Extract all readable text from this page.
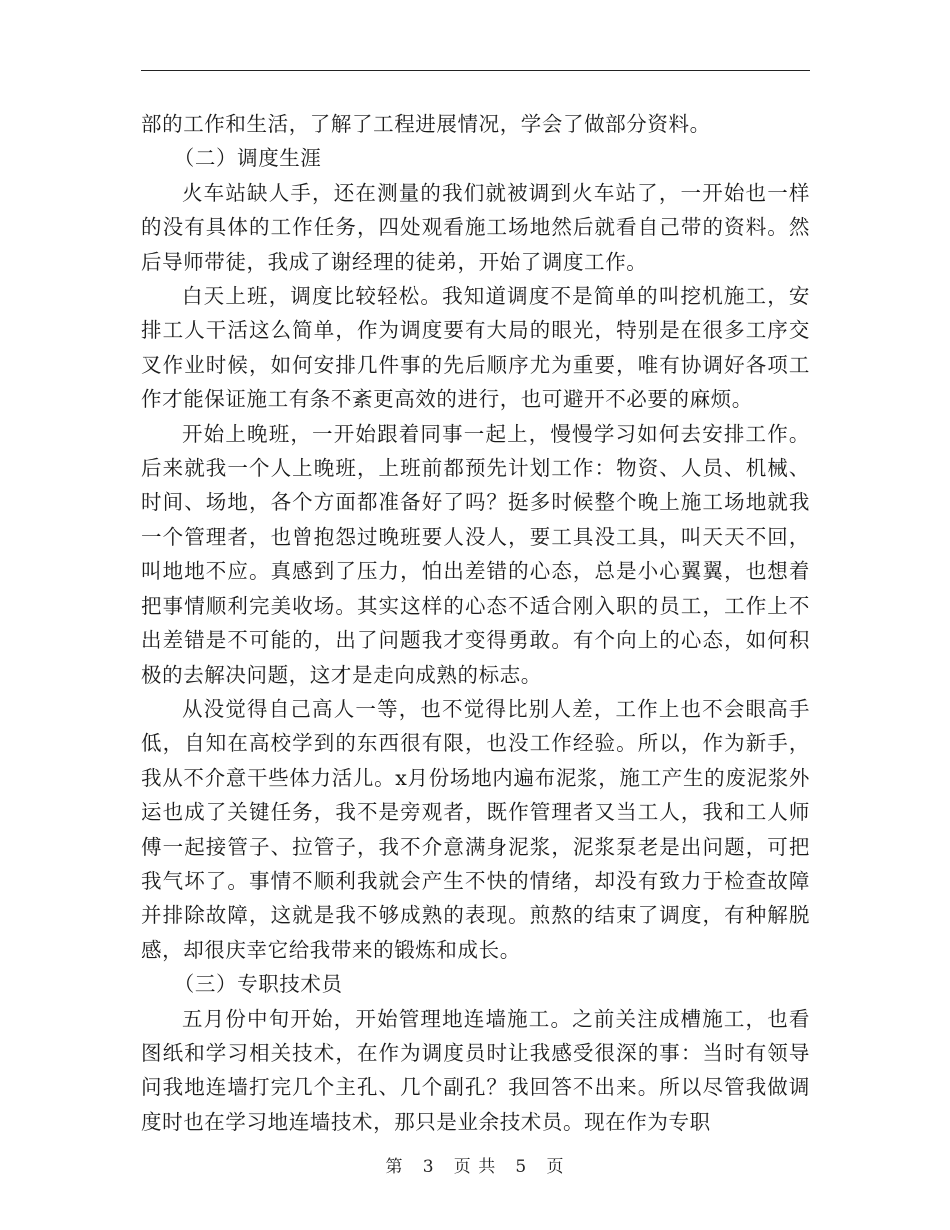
部的工作和生活，了解了工程进展情况，学会了做部分资料。

（二）调度生涯

火车站缺人手，还在测量的我们就被调到火车站了，一开始也一样的没有具体的工作任务，四处观看施工场地然后就看自己带的资料。然后导师带徒，我成了谢经理的徒弟，开始了调度工作。

白天上班，调度比较轻松。我知道调度不是简单的叫挖机施工，安排工人干活这么简单，作为调度要有大局的眼光，特别是在很多工序交叉作业时候，如何安排几件事的先后顺序尤为重要，唯有协调好各项工作才能保证施工有条不紊更高效的进行，也可避开不必要的麻烦。

开始上晚班，一开始跟着同事一起上，慢慢学习如何去安排工作。后来就我一个人上晚班，上班前都预先计划工作：物资、人员、机械、时间、场地，各个方面都准备好了吗？挺多时候整个晚上施工场地就我一个管理者，也曾抱怨过晚班要人没人，要工具没工具，叫天天不回，叫地地不应。真感到了压力，怕出差错的心态，总是小心翼翼，也想着把事情顺利完美收场。其实这样的心态不适合刚入职的员工，工作上不出差错是不可能的，出了问题我才变得勇敢。有个向上的心态，如何积极的去解决问题，这才是走向成熟的标志。

从没觉得自己高人一等，也不觉得比别人差，工作上也不会眼高手低，自知在高校学到的东西很有限，也没工作经验。所以，作为新手，我从不介意干些体力活儿。x月份场地内遍布泥浆，施工产生的废泥浆外运也成了关键任务，我不是旁观者，既作管理者又当工人，我和工人师傅一起接管子、拉管子，我不介意满身泥浆，泥浆泵老是出问题，可把我气坏了。事情不顺利我就会产生不快的情绪，却没有致力于检查故障并排除故障，这就是我不够成熟的表现。煎熬的结束了调度，有种解脱感，却很庆幸它给我带来的锻炼和成长。

（三）专职技术员

五月份中旬开始，开始管理地连墙施工。之前关注成槽施工，也看图纸和学习相关技术，在作为调度员时让我感受很深的事：当时有领导问我地连墙打完几个主孔、几个副孔？我回答不出来。所以尽管我做调度时也在学习地连墙技术，那只是业余技术员。现在作为专职

第 3 页 共 5 页
